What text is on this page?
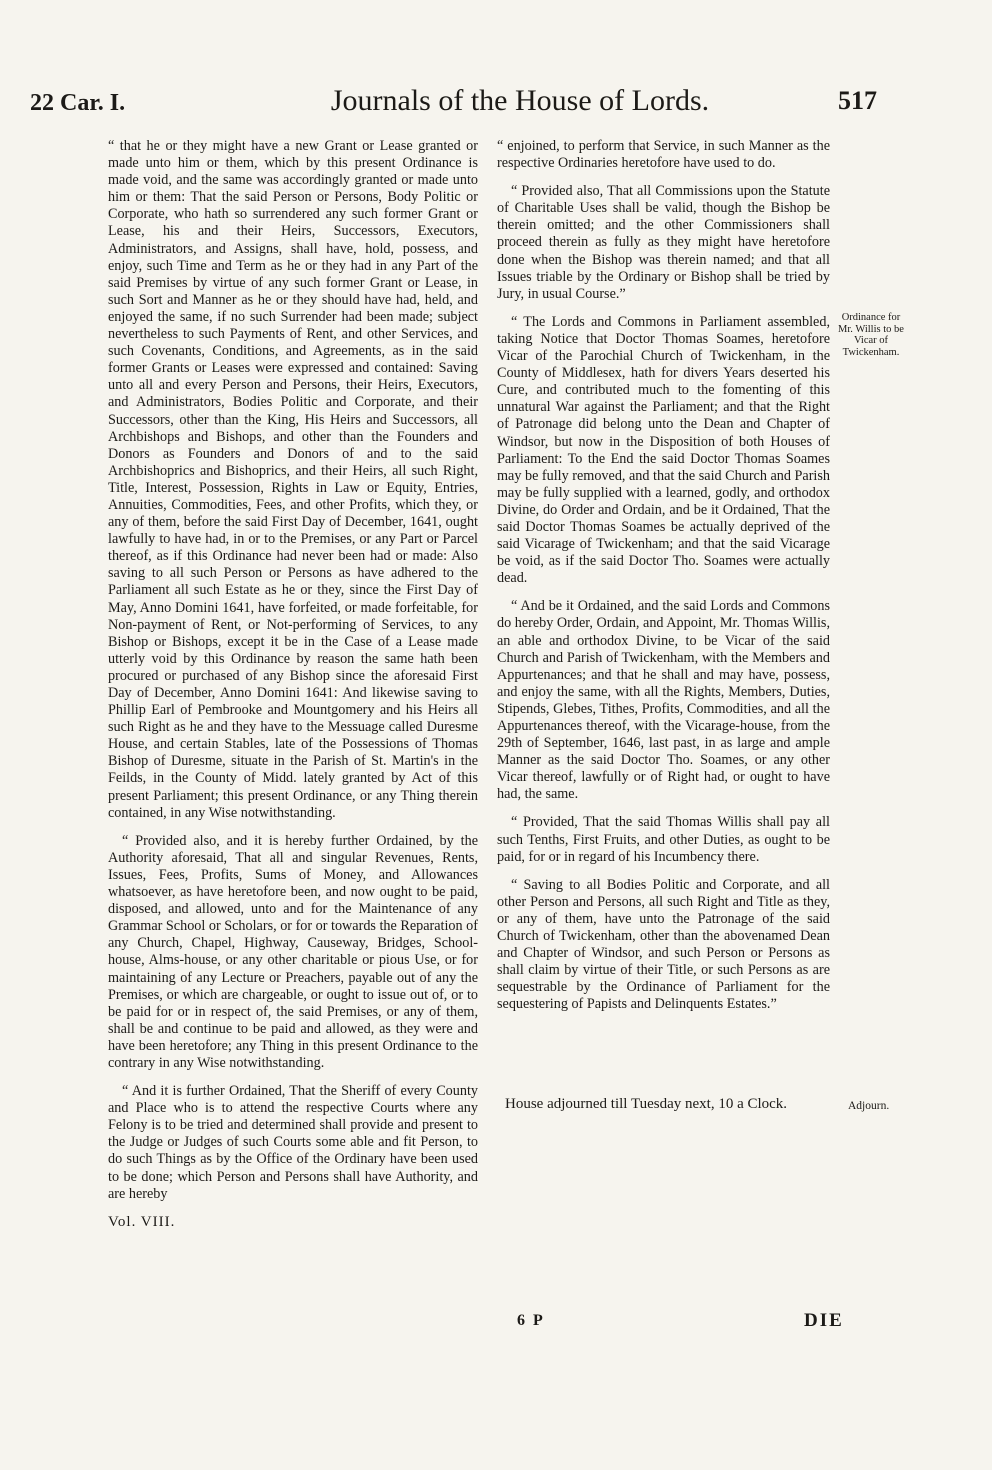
22 Car. I.	Journals of the House of Lords.	517

“ that he or they might have a new Grant or Lease granted or made unto him or them, which by this present Ordinance is made void, and the same was accordingly granted or made unto him or them: That the said Person or Persons, Body Politic or Corporate, who hath so surrendered any such former Grant or Lease, his and their Heirs, Successors, Executors, Administrators, and Assigns, shall have, hold, possess, and enjoy, such Time and Term as he or they had in any Part of the said Premises by virtue of any such former Grant or Lease, in such Sort and Manner as he or they should have had, held, and enjoyed the same, if no such Surrender had been made; subject nevertheless to such Payments of Rent, and other Services, and such Covenants, Conditions, and Agreements, as in the said former Grants or Leases were expressed and contained: Saving unto all and every Person and Persons, their Heirs, Executors, and Administrators, Bodies Politic and Corporate, and their Successors, other than the King, His Heirs and Successors, all Archbishops and Bishops, and other than the Founders and Donors as Founders and Donors of and to the said Archbishoprics and Bishoprics, and their Heirs, all such Right, Title, Interest, Possession, Rights in Law or Equity, Entries, Annuities, Commodities, Fees, and other Profits, which they, or any of them, before the said First Day of December, 1641, ought lawfully to have had, in or to the Premises, or any Part or Parcel thereof, as if this Ordinance had never been had or made: Also saving to all such Person or Persons as have adhered to the Parliament all such Estate as he or they, since the First Day of May, Anno Domini 1641, have forfeited, or made forfeitable, for Non-payment of Rent, or Not-performing of Services, to any Bishop or Bishops, except it be in the Case of a Lease made utterly void by this Ordinance by reason the same hath been procured or purchased of any Bishop since the aforesaid First Day of December, Anno Domini 1641: And likewise saving to Phillip Earl of Pembrooke and Mountgomery and his Heirs all such Right as he and they have to the Messuage called Duresme House, and certain Stables, late of the Possessions of Thomas Bishop of Duresme, situate in the Parish of St. Martin's in the Feilds, in the County of Midd. lately granted by Act of this present Parliament; this present Ordinance, or any Thing therein contained, in any Wise notwithstanding.

“ Provided also, and it is hereby further Ordained, by the Authority aforesaid, That all and singular Revenues, Rents, Issues, Fees, Profits, Sums of Money, and Allowances whatsoever, as have heretofore been, and now ought to be paid, disposed, and allowed, unto and for the Maintenance of any Grammar School or Scholars, or for or towards the Reparation of any Church, Chapel, Highway, Causeway, Bridges, School-house, Alms-house, or any other charitable or pious Use, or for maintaining of any Lecture or Preachers, payable out of any the Premises, or which are chargeable, or ought to issue out of, or to be paid for or in respect of, the said Premises, or any of them, shall be and continue to be paid and allowed, as they were and have been heretofore; any Thing in this present Ordinance to the contrary in any Wise notwithstanding.

“ And it is further Ordained, That the Sheriff of every County and Place who is to attend the respective Courts where any Felony is to be tried and determined shall provide and present to the Judge or Judges of such Courts some able and fit Person, to do such Things as by the Office of the Ordinary have been used to be done; which Person and Persons shall have Authority, and are hereby

Vol. VIII.

“ enjoined, to perform that Service, in such Manner as the respective Ordinaries heretofore have used to do.

“ Provided also, That all Commissions upon the Statute of Charitable Uses shall be valid, though the Bishop be therein omitted; and the other Commissioners shall proceed therein as fully as they might have heretofore done when the Bishop was therein named; and that all Issues triable by the Ordinary or Bishop shall be tried by Jury, in usual Course.”

“ The Lords and Commons in Parliament assembled, taking Notice that Doctor Thomas Soames, heretofore Vicar of the Parochial Church of Twickenham, in the County of Middlesex, hath for divers Years deserted his Cure, and contributed much to the fomenting of this unnatural War against the Parliament; and that the Right of Patronage did belong unto the Dean and Chapter of Windsor, but now in the Disposition of both Houses of Parliament: To the End the said Doctor Thomas Soames may be fully removed, and that the said Church and Parish may be fully supplied with a learned, godly, and orthodox Divine, do Order and Ordain, and be it Ordained, That the said Doctor Thomas Soames be actually deprived of the said Vicarage of Twickenham; and that the said Vicarage be void, as if the said Doctor Tho. Soames were actually dead.

“ And be it Ordained, and the said Lords and Commons do hereby Order, Ordain, and Appoint, Mr. Thomas Willis, an able and orthodox Divine, to be Vicar of the said Church and Parish of Twickenham, with the Members and Appurtenances; and that he shall and may have, possess, and enjoy the same, with all the Rights, Members, Duties, Stipends, Glebes, Tithes, Profits, Commodities, and all the Appurtenances thereof, with the Vicarage-house, from the 29th of September, 1646, last past, in as large and ample Manner as the said Doctor Tho. Soames, or any other Vicar thereof, lawfully or of Right had, or ought to have had, the same.

“ Provided, That the said Thomas Willis shall pay all such Tenths, First Fruits, and other Duties, as ought to be paid, for or in regard of his Incumbency there.

“ Saving to all Bodies Politic and Corporate, and all other Person and Persons, all such Right and Title as they, or any of them, have unto the Patronage of the said Church of Twickenham, other than the abovenamed Dean and Chapter of Windsor, and such Person or Persons as shall claim by virtue of their Title, or such Persons as are sequestrable by the Ordinance of Parliament for the sequestering of Papists and Delinquents Estates.”

Ordinance for Mr. Willis to be Vicar of Twickenham.
House adjourned till Tuesday next, 10 a Clock.	Adjourn.
6 P	DIE
